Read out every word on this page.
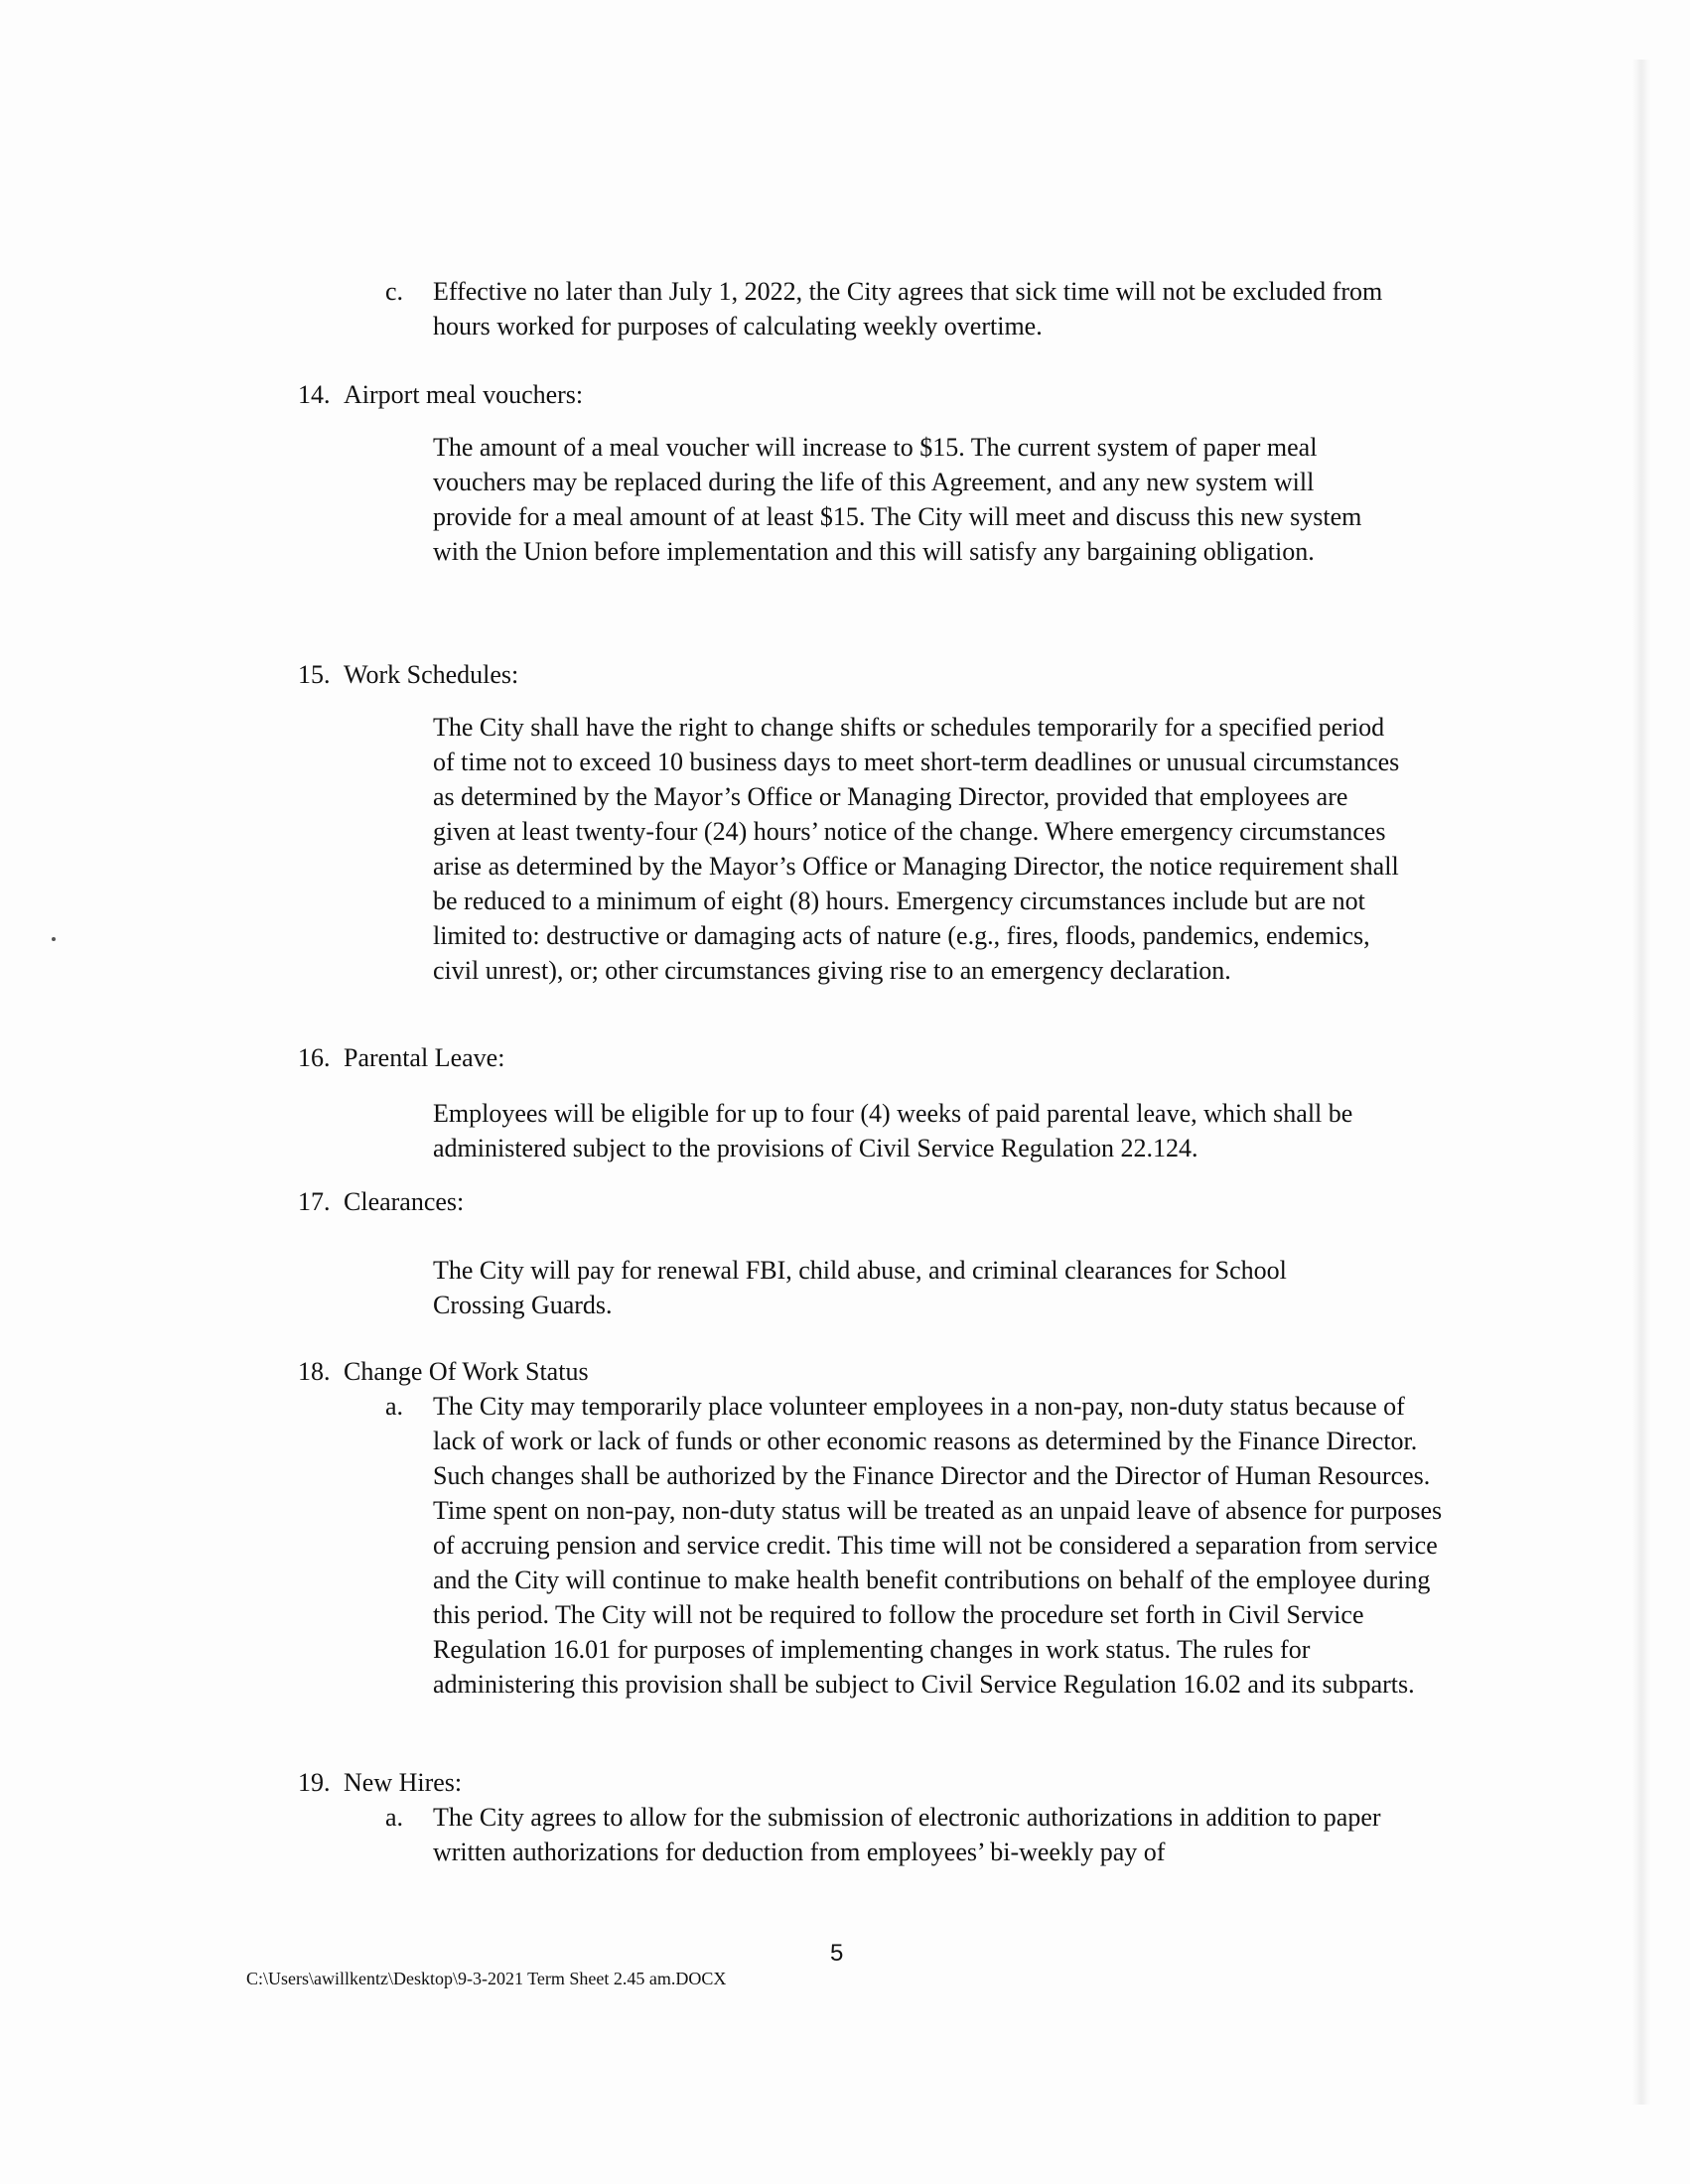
c. Effective no later than July 1, 2022, the City agrees that sick time will not be excluded from hours worked for purposes of calculating weekly overtime.
14. Airport meal vouchers:
The amount of a meal voucher will increase to $15. The current system of paper meal vouchers may be replaced during the life of this Agreement, and any new system will provide for a meal amount of at least $15. The City will meet and discuss this new system with the Union before implementation and this will satisfy any bargaining obligation.
15. Work Schedules:
The City shall have the right to change shifts or schedules temporarily for a specified period of time not to exceed 10 business days to meet short-term deadlines or unusual circumstances as determined by the Mayor’s Office or Managing Director, provided that employees are given at least twenty-four (24) hours’ notice of the change. Where emergency circumstances arise as determined by the Mayor’s Office or Managing Director, the notice requirement shall be reduced to a minimum of eight (8) hours. Emergency circumstances include but are not limited to: destructive or damaging acts of nature (e.g., fires, floods, pandemics, endemics, civil unrest), or; other circumstances giving rise to an emergency declaration.
16. Parental Leave:
Employees will be eligible for up to four (4) weeks of paid parental leave, which shall be administered subject to the provisions of Civil Service Regulation 22.124.
17. Clearances:
The City will pay for renewal FBI, child abuse, and criminal clearances for School Crossing Guards.
18. Change Of Work Status
a. The City may temporarily place volunteer employees in a non-pay, non-duty status because of lack of work or lack of funds or other economic reasons as determined by the Finance Director. Such changes shall be authorized by the Finance Director and the Director of Human Resources. Time spent on non-pay, non-duty status will be treated as an unpaid leave of absence for purposes of accruing pension and service credit. This time will not be considered a separation from service and the City will continue to make health benefit contributions on behalf of the employee during this period. The City will not be required to follow the procedure set forth in Civil Service Regulation 16.01 for purposes of implementing changes in work status. The rules for administering this provision shall be subject to Civil Service Regulation 16.02 and its subparts.
19. New Hires:
a. The City agrees to allow for the submission of electronic authorizations in addition to paper written authorizations for deduction from employees’ bi-weekly pay of
5
C:\Users\awillkentz\Desktop\9-3-2021 Term Sheet 2.45 am.DOCX
